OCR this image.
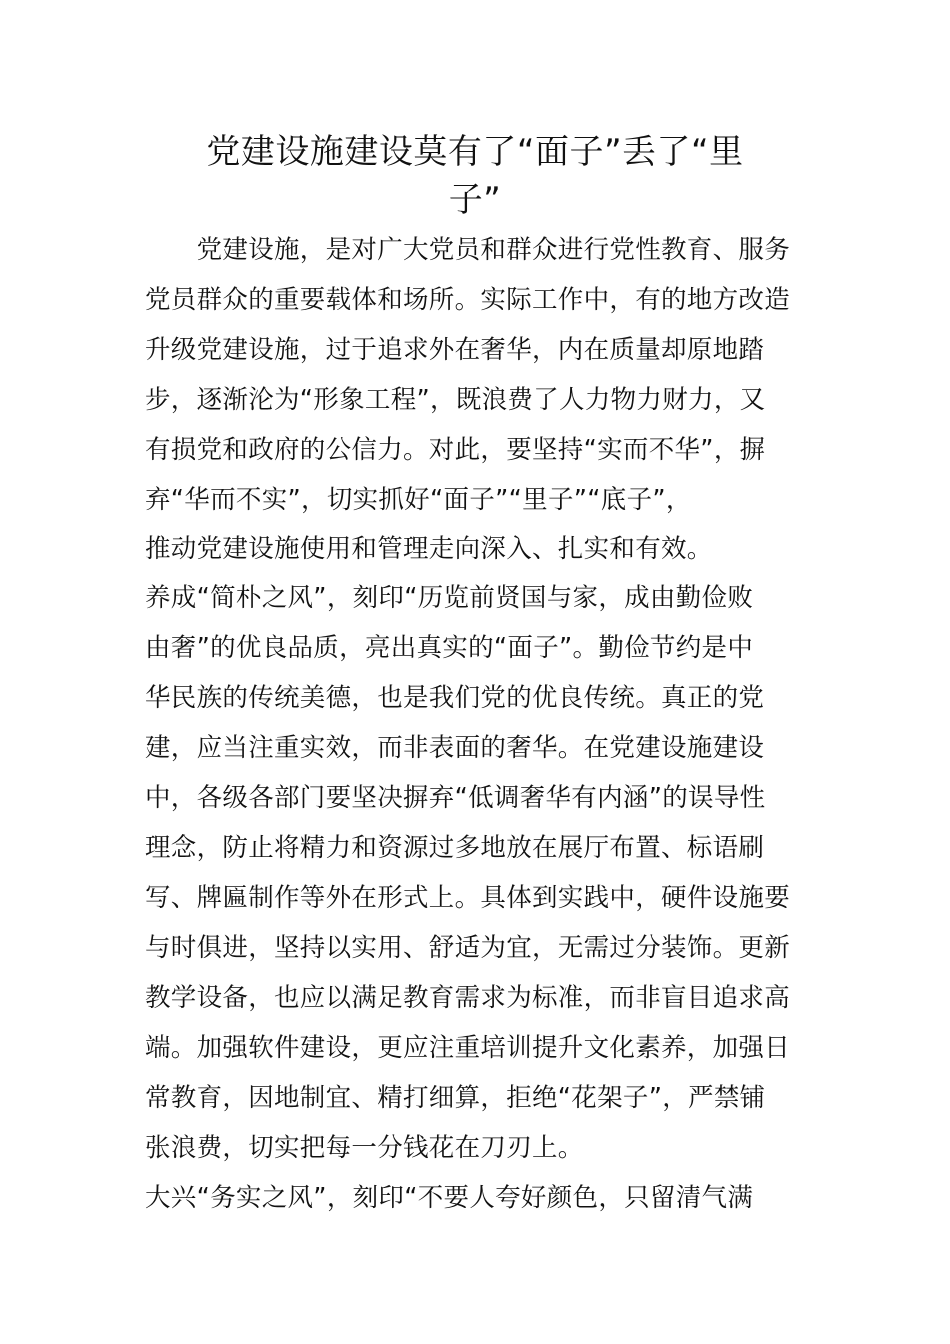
党建设施建设莫有了“面子”丢了“里
子”

　　党建设施，是对广大党员和群众进行党性教育、服务

党员群众的重要载体和场所。实际工作中，有的地方改造

升级党建设施，过于追求外在奢华，内在质量却原地踏

步，逐渐沦为“形象工程”，既浪费了人力物力财力，又

有损党和政府的公信力。对此，要坚持“实而不华”，摒

弃“华而不实”，切实抓好“面子”“里子”“底子”，

推动党建设施使用和管理走向深入、扎实和有效。

养成“简朴之风”，刻印“历览前贤国与家，成由勤俭败

由奢”的优良品质，亮出真实的“面子”。勤俭节约是中

华民族的传统美德，也是我们党的优良传统。真正的党

建，应当注重实效，而非表面的奢华。在党建设施建设

中，各级各部门要坚决摒弃“低调奢华有内涵”的误导性

理念，防止将精力和资源过多地放在展厅布置、标语刷

写、牌匾制作等外在形式上。具体到实践中，硬件设施要

与时俱进，坚持以实用、舒适为宜，无需过分装饰。更新

教学设备，也应以满足教育需求为标准，而非盲目追求高

端。加强软件建设，更应注重培训提升文化素养，加强日

常教育，因地制宜、精打细算，拒绝“花架子”，严禁铺

张浪费，切实把每一分钱花在刀刃上。

大兴“务实之风”，刻印“不要人夸好颜色，只留清气满
